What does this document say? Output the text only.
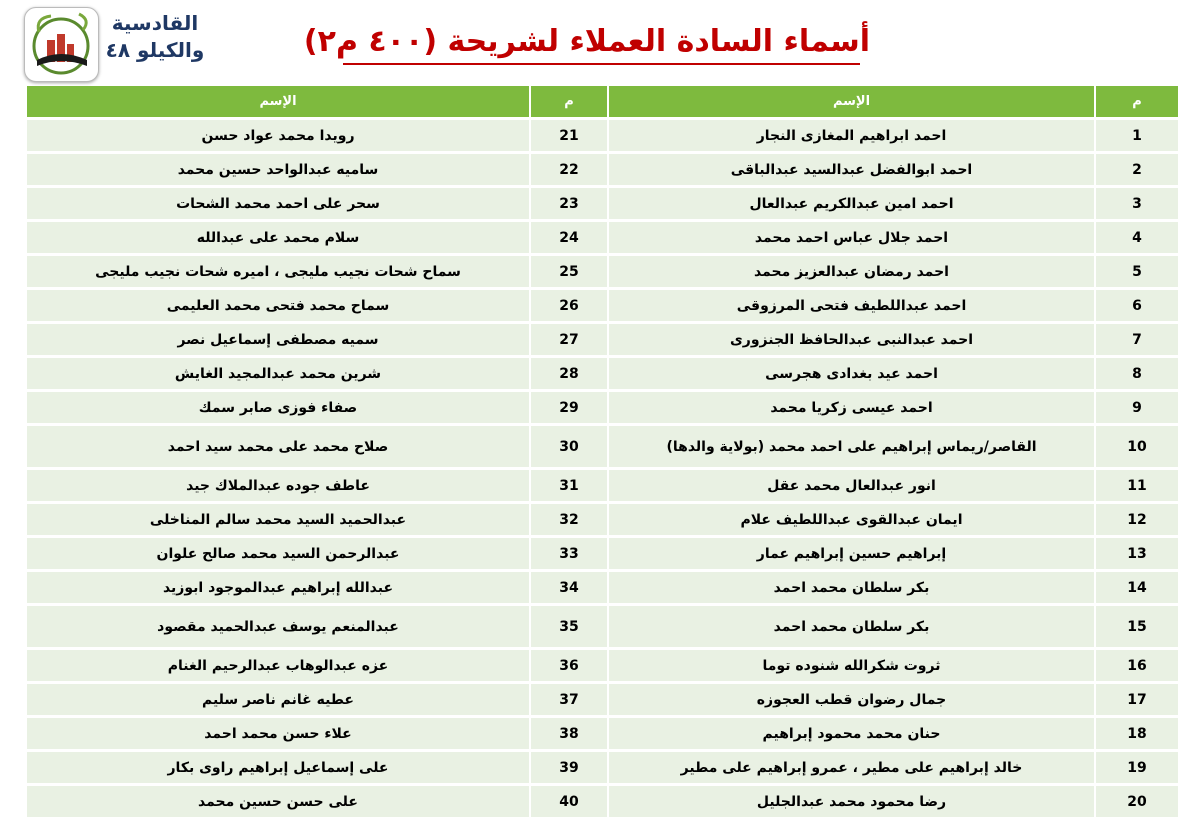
القادسية
والكيلو ٤٨	أسماء السادة العملاء لشريحة (٤٠٠ م٢)
م	الإسم	م	الإسم
1	احمد ابراهيم المغازى النجار	21	رويدا محمد عواد حسن
2	احمد ابوالفضل عبدالسيد عبدالباقى	22	ساميه عبدالواحد حسين محمد
3	احمد امين عبدالكريم عبدالعال	23	سحر على احمد محمد الشحات
4	احمد جلال عباس احمد محمد	24	سلام محمد على عبدالله
5	احمد رمضان عبدالعزيز محمد	25	سماح شحات نجيب مليجى ، اميره شحات نجيب مليجى
6	احمد عبداللطيف فتحى المرزوقى	26	سماح محمد فتحى محمد العليمى
7	احمد عبدالنبى عبدالحافظ الجنزورى	27	سميه مصطفى إسماعيل نصر
8	احمد عيد بغدادى هجرسى	28	شرين محمد عبدالمجيد الغايش
9	احمد عيسى زكريا محمد	29	صفاء فوزى صابر سمك
10	القاصر/ريماس إبراهيم على احمد محمد (بولاية والدها)	30	صلاح محمد على محمد سيد احمد
11	انور عبدالعال محمد عقل	31	عاطف جوده عبدالملاك جيد
12	ايمان عبدالقوى عبداللطيف علام	32	عبدالحميد السيد محمد سالم المناخلى
13	إبراهيم حسين إبراهيم عمار	33	عبدالرحمن السيد محمد صالح علوان
14	بكر سلطان محمد احمد	34	عبدالله إبراهيم عبدالموجود ابوزيد
15	بكر سلطان محمد احمد	35	عبدالمنعم يوسف عبدالحميد مقصود
16	ثروت شكرالله شنوده توما	36	عزه عبدالوهاب عبدالرحيم الغنام
17	جمال رضوان قطب العجوزه	37	عطيه غانم ناصر سليم
18	حنان محمد محمود إبراهيم	38	علاء حسن محمد احمد
19	خالد إبراهيم على مطير ، عمرو إبراهيم على مطير	39	على إسماعيل إبراهيم راوى بكار
20	رضا محمود محمد عبدالجليل	40	على حسن حسين محمد
